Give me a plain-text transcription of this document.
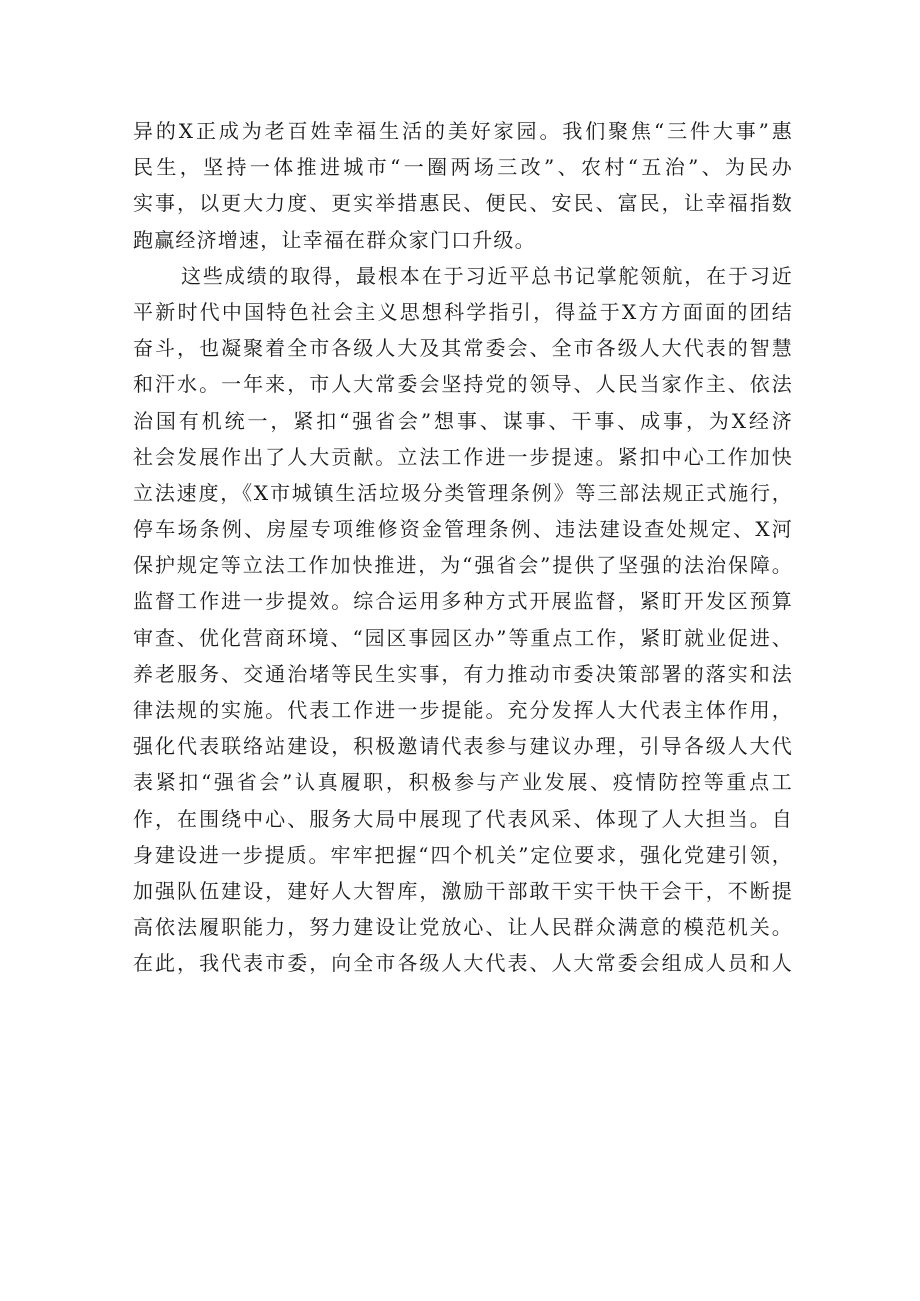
异的X正成为老百姓幸福生活的美好家园。我们聚焦“三件大事”惠
民生，坚持一体推进城市“一圈两场三改”、农村“五治”、为民办
实事，以更大力度、更实举措惠民、便民、安民、富民，让幸福指数
跑赢经济增速，让幸福在群众家门口升级。
这些成绩的取得，最根本在于习近平总书记掌舵领航，在于习近
平新时代中国特色社会主义思想科学指引，得益于X方方面面的团结
奋斗，也凝聚着全市各级人大及其常委会、全市各级人大代表的智慧
和汗水。一年来，市人大常委会坚持党的领导、人民当家作主、依法
治国有机统一，紧扣“强省会”想事、谋事、干事、成事，为X经济
社会发展作出了人大贡献。立法工作进一步提速。紧扣中心工作加快
立法速度，《X市城镇生活垃圾分类管理条例》等三部法规正式施行，
停车场条例、房屋专项维修资金管理条例、违法建设查处规定、X河
保护规定等立法工作加快推进，为“强省会”提供了坚强的法治保障。
监督工作进一步提效。综合运用多种方式开展监督，紧盯开发区预算
审查、优化营商环境、“园区事园区办”等重点工作，紧盯就业促进、
养老服务、交通治堵等民生实事，有力推动市委决策部署的落实和法
律法规的实施。代表工作进一步提能。充分发挥人大代表主体作用，
强化代表联络站建设，积极邀请代表参与建议办理，引导各级人大代
表紧扣“强省会”认真履职，积极参与产业发展、疫情防控等重点工
作，在围绕中心、服务大局中展现了代表风采、体现了人大担当。自
身建设进一步提质。牢牢把握“四个机关”定位要求，强化党建引领，
加强队伍建设，建好人大智库，激励干部敢干实干快干会干，不断提
高依法履职能力，努力建设让党放心、让人民群众满意的模范机关。
在此，我代表市委，向全市各级人大代表、人大常委会组成人员和人
